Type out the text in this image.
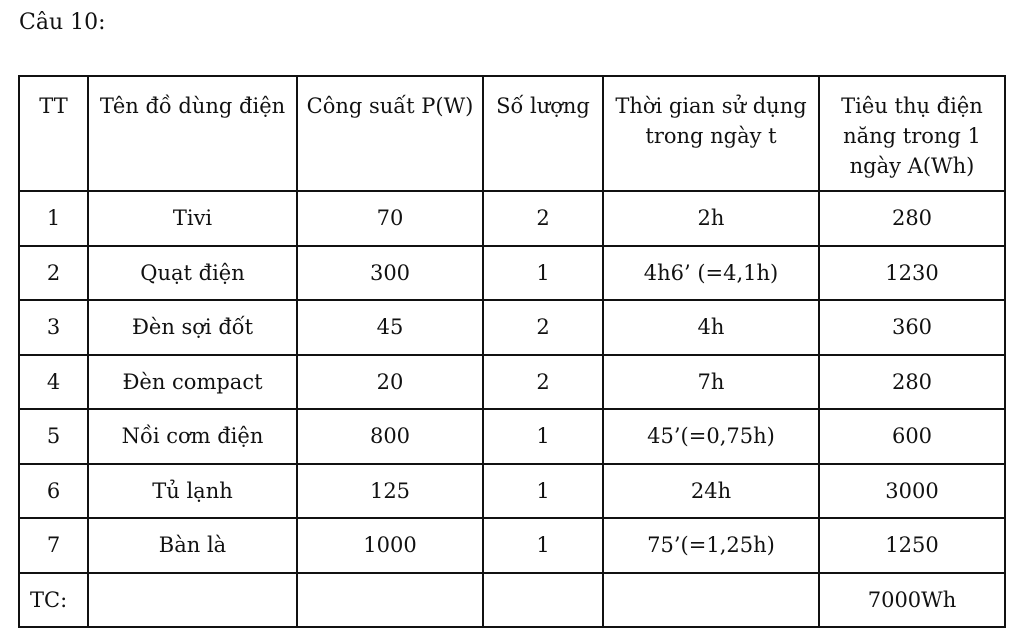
Câu 10:
TT	Tên đồ dùng điện	Công suất P(W)	Số lượng	Thời gian sử dụng trong ngày t	Tiêu thụ điện năng trong 1 ngày A(Wh)
1	Tivi	70	2	2h	280
2	Quạt điện	300	1	4h6’ (=4,1h)	1230
3	Đèn sợi đốt	45	2	4h	360
4	Đèn compact	20	2	7h	280
5	Nồi cơm điện	800	1	45’(=0,75h)	600
6	Tủ lạnh	125	1	24h	3000
7	Bàn là	1000	1	75’(=1,25h)	1250
TC:					7000Wh
